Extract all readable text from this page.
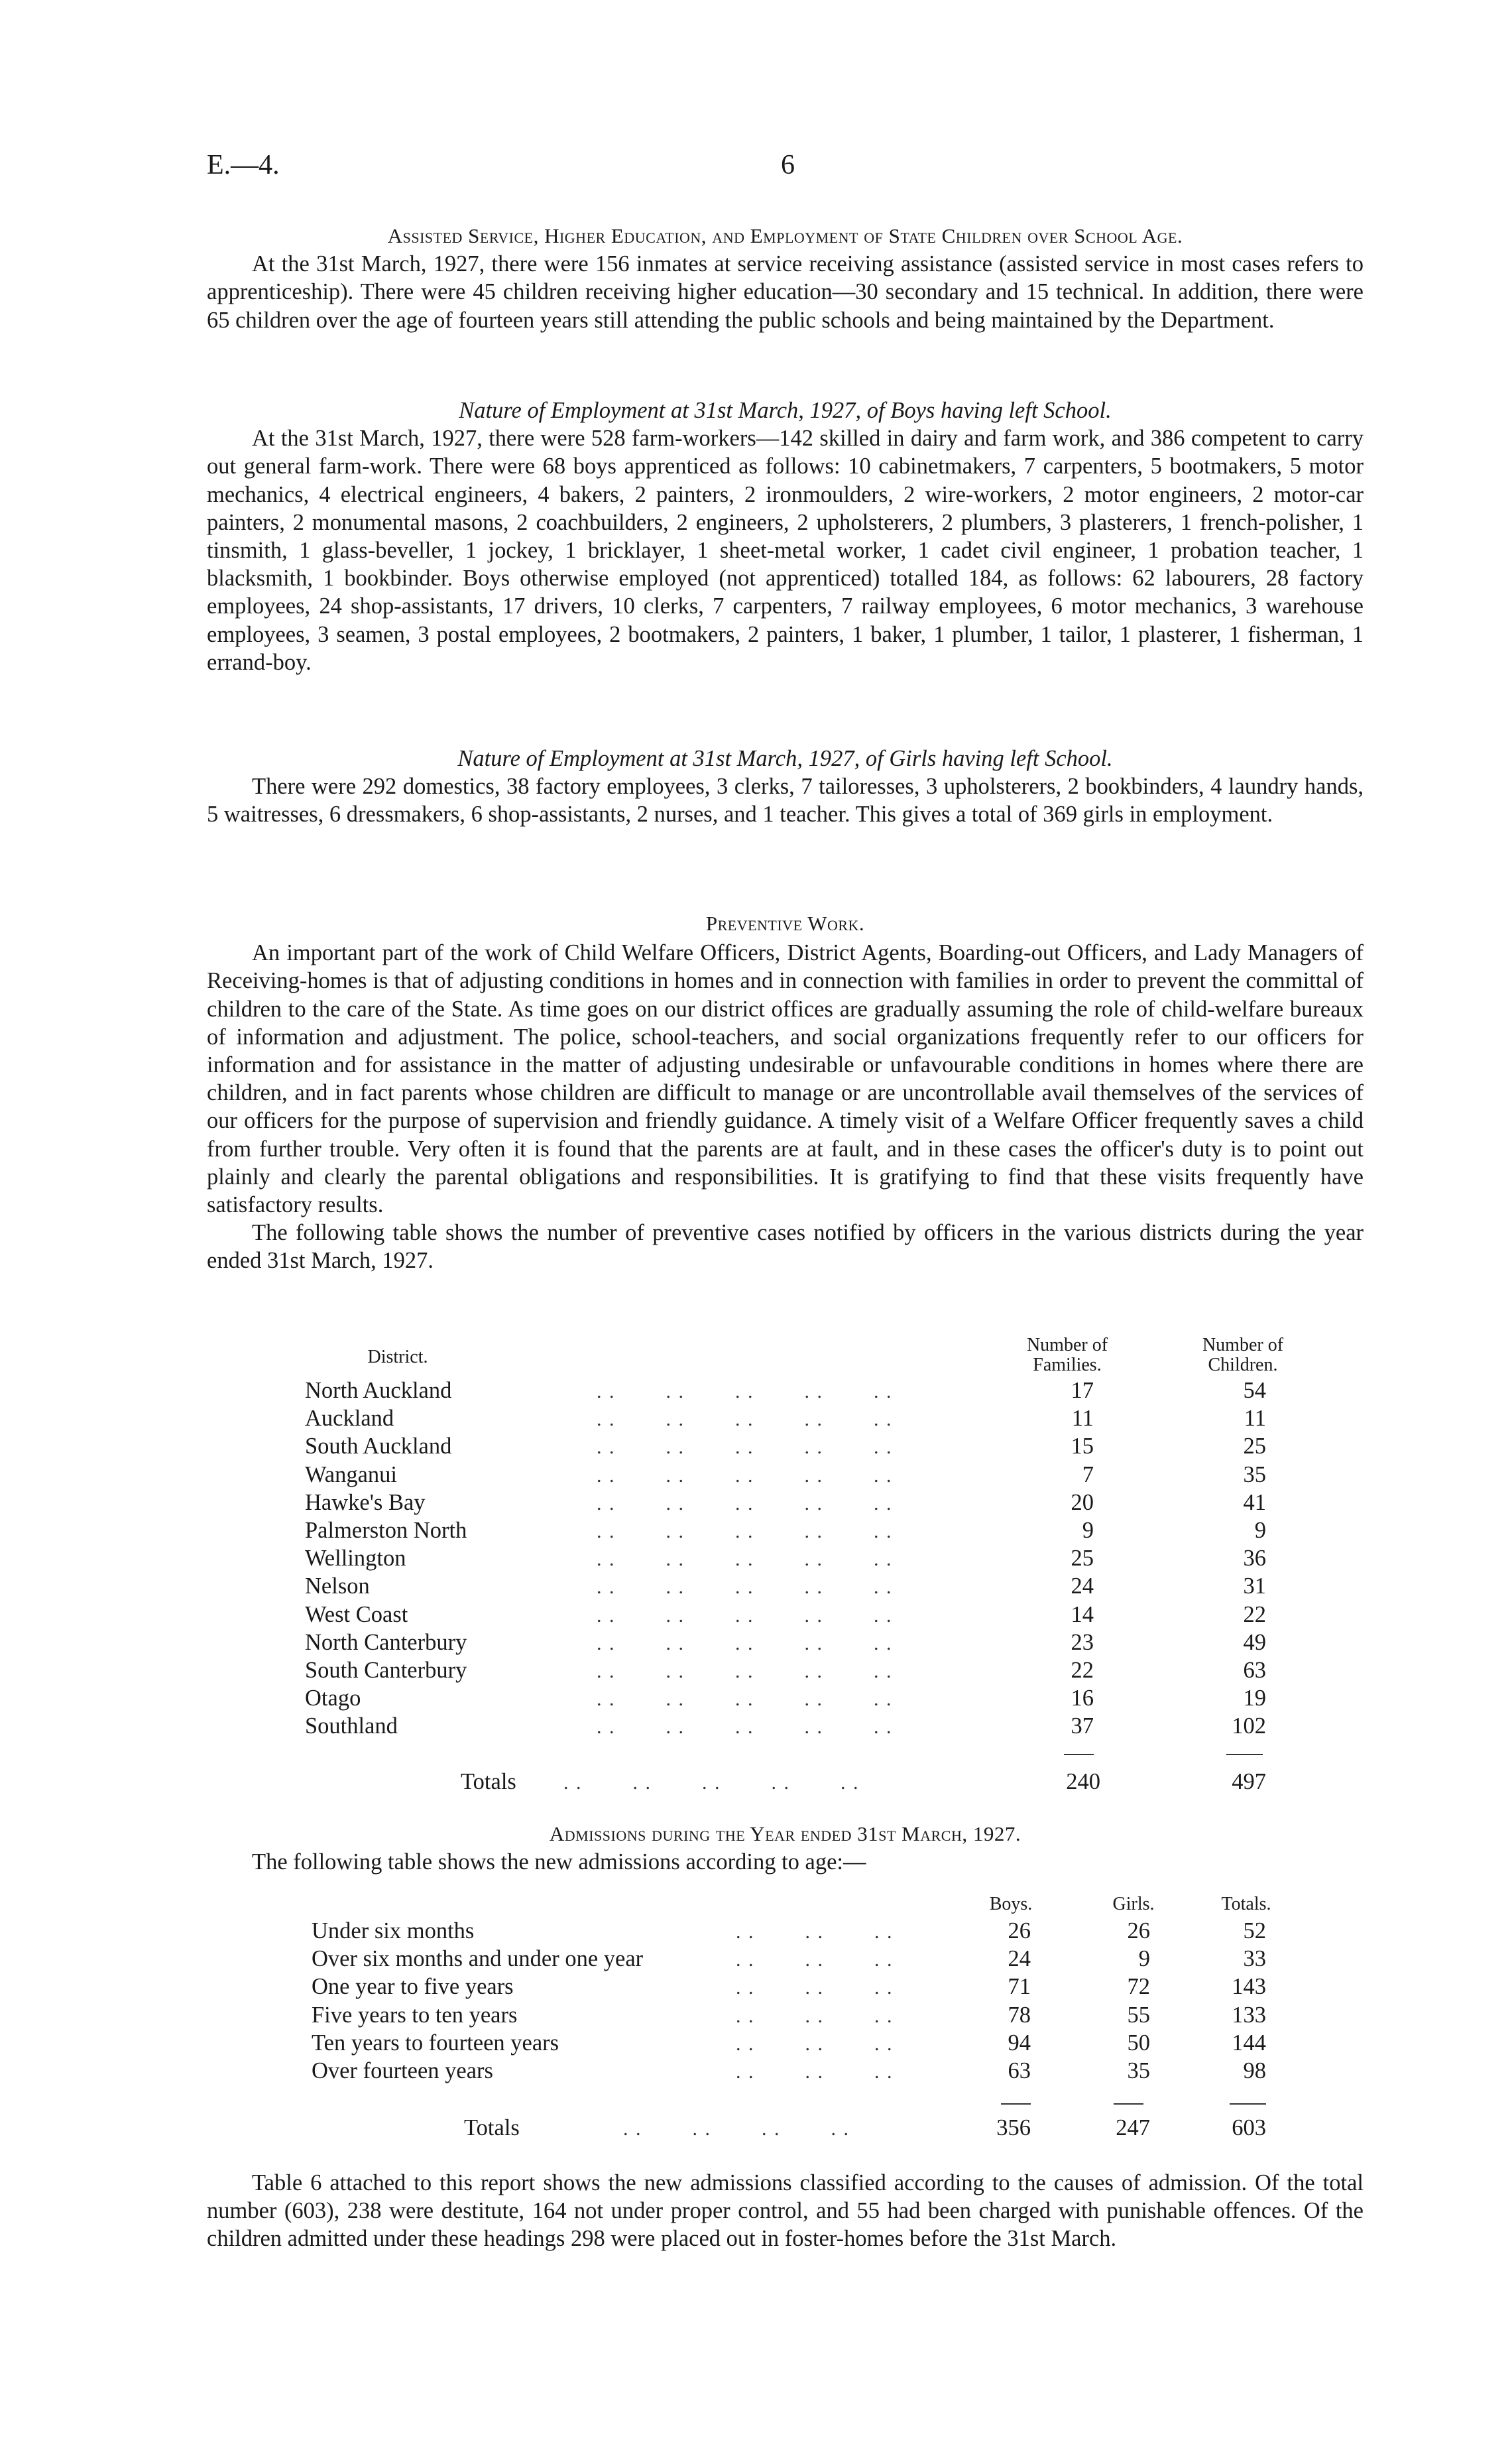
E.—4.	6

Assisted Service, Higher Education, and Employment of State Children over School Age.

At the 31st March, 1927, there were 156 inmates at service receiving assistance (assisted service in most cases refers to apprenticeship). There were 45 children receiving higher education—30 secondary and 15 technical. In addition, there were 65 children over the age of fourteen years still attending the public schools and being maintained by the Department.

Nature of Employment at 31st March, 1927, of Boys having left School.

At the 31st March, 1927, there were 528 farm-workers—142 skilled in dairy and farm work, and 386 competent to carry out general farm-work. There were 68 boys apprenticed as follows: 10 cabinetmakers, 7 carpenters, 5 bootmakers, 5 motor mechanics, 4 electrical engineers, 4 bakers, 2 painters, 2 ironmoulders, 2 wire-workers, 2 motor engineers, 2 motor-car painters, 2 monumental masons, 2 coachbuilders, 2 engineers, 2 upholsterers, 2 plumbers, 3 plasterers, 1 french-polisher, 1 tinsmith, 1 glass-beveller, 1 jockey, 1 bricklayer, 1 sheet-metal worker, 1 cadet civil engineer, 1 probation teacher, 1 blacksmith, 1 bookbinder. Boys otherwise employed (not apprenticed) totalled 184, as follows: 62 labourers, 28 factory employees, 24 shop-assistants, 17 drivers, 10 clerks, 7 carpenters, 7 railway employees, 6 motor mechanics, 3 warehouse employees, 3 seamen, 3 postal employees, 2 bootmakers, 2 painters, 1 baker, 1 plumber, 1 tailor, 1 plasterer, 1 fisherman, 1 errand-boy.

Nature of Employment at 31st March, 1927, of Girls having left School.

There were 292 domestics, 38 factory employees, 3 clerks, 7 tailoresses, 3 upholsterers, 2 bookbinders, 4 laundry hands, 5 waitresses, 6 dressmakers, 6 shop-assistants, 2 nurses, and 1 teacher. This gives a total of 369 girls in employment.

Preventive Work.

An important part of the work of Child Welfare Officers, District Agents, Boarding-out Officers, and Lady Managers of Receiving-homes is that of adjusting conditions in homes and in connection with families in order to prevent the committal of children to the care of the State. As time goes on our district offices are gradually assuming the role of child-welfare bureaux of information and adjustment. The police, school-teachers, and social organizations frequently refer to our officers for information and for assistance in the matter of adjusting undesirable or unfavourable conditions in homes where there are children, and in fact parents whose children are difficult to manage or are uncontrollable avail themselves of the services of our officers for the purpose of supervision and friendly guidance. A timely visit of a Welfare Officer frequently saves a child from further trouble. Very often it is found that the parents are at fault, and in these cases the officer's duty is to point out plainly and clearly the parental obligations and responsibilities. It is gratifying to find that these visits frequently have satisfactory results.

The following table shows the number of preventive cases notified by officers in the various districts during the year ended 31st March, 1927.

District.
Number of Families.
Number of Children.
North Auckland	. .        . .        . .        . .        . .	17	54
Auckland	. .        . .        . .        . .        . .	11	11
South Auckland	. .        . .        . .        . .        . .	15	25
Wanganui	. .        . .        . .        . .        . .	7	35
Hawke's Bay	. .        . .        . .        . .        . .	20	41
Palmerston North	. .        . .        . .        . .        . .	9	9
Wellington	. .        . .        . .        . .        . .	25	36
Nelson	. .        . .        . .        . .        . .	24	31
West Coast	. .        . .        . .        . .        . .	14	22
North Canterbury	. .        . .        . .        . .        . .	23	49
South Canterbury	. .        . .        . .        . .        . .	22	63
Otago	. .        . .        . .        . .        . .	16	19
Southland	. .        . .        . .        . .        . .	37	102
Totals . .        . .        . .        . .        . .	240	497

Admissions during the Year ended 31st March, 1927.

The following table shows the new admissions according to age:—

Boys.	Girls.	Totals.
Under six months	. .        . .        . .	26	26	52
Over six months and under one year	. .        . .        . .	24	9	33
One year to five years	. .        . .        . .	71	72	143
Five years to ten years	. .        . .        . .	78	55	133
Ten years to fourteen years	. .        . .        . .	94	50	144
Over fourteen years	. .        . .        . .	63	35	98
Totals	. .        . .        . .        . .	356	247	603

Table 6 attached to this report shows the new admissions classified according to the causes of admission. Of the total number (603), 238 were destitute, 164 not under proper control, and 55 had been charged with punishable offences. Of the children admitted under these headings 298 were placed out in foster-homes before the 31st March.
